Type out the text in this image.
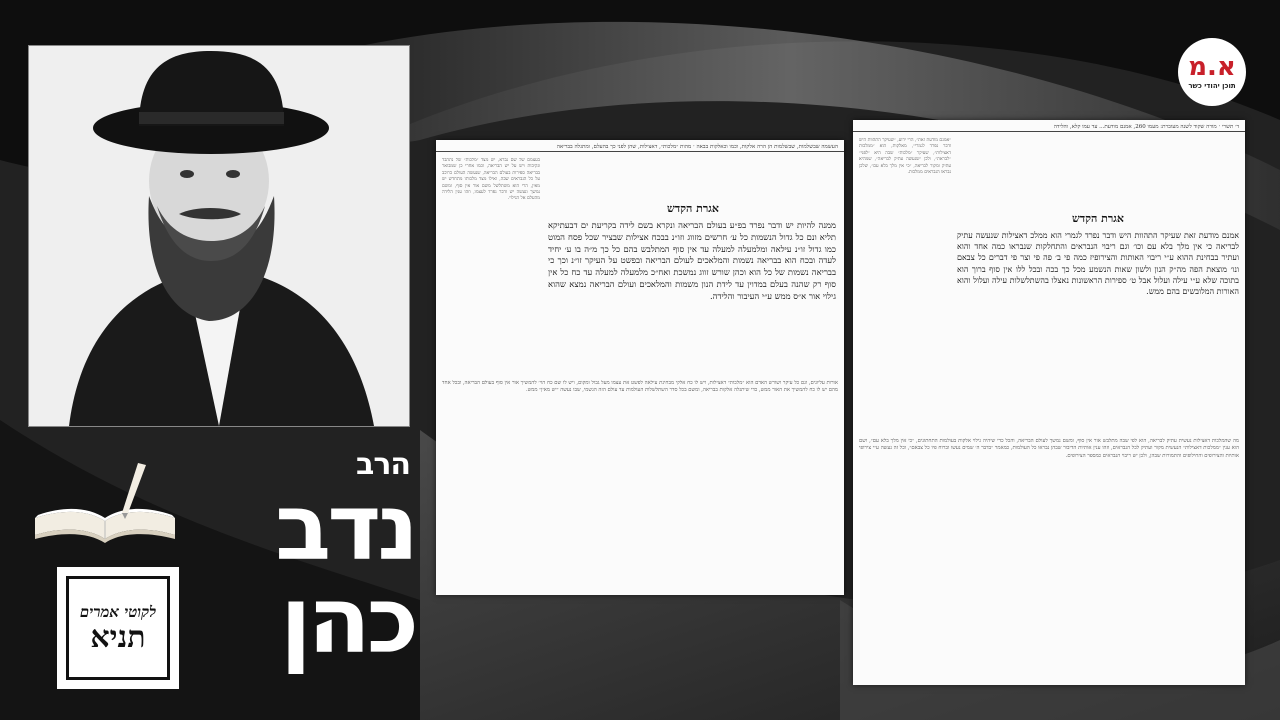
העשמה שבשלמות, שבשלמות הן הרה אלקות, וכמו וכאלקות בבאה · מהות ״מלכות״, דאצילות, שהן לפני כך בהעלם, ומתגלה בבריאה
בעצמם של שם נברא, יש מצד ״מלכות״ של נתהבד ונקיבות ויש על יש הבריאה, וכמו אחרי כן שמבואר בבריאה ספירות בעולם הבריאה, שנעשה העולם כרוכב על כל הנבראים שבה, ואילו מצד מלכותו מתחדש יש מאין, הרי הוא משתלשל משם אור אין סוף, ומשם נמשך ונעשה יש ודבר נפרד לעצמו, וזהו ענין הלידה מהעלם אל הגילוי.
אגרת הקדש
ממנה להיות יש ודבר נפרד בפ״ע בעולם הבריאה ונקרא בשם לידה בקריעת ים דבעתיקא תליא ונם כל גדול הנשמות כל ע׳ חרשים מזווג וזו״נ בבכח אצילות שבציר שכל פסח המוט כמו גדול זו״נ עילאה ומלמעלה למעלה עד אין סוף המתלבש בהם כל כך מ״ה בו ע׳ יחיד לעדה ובכח הוא בבריאה נשמות והמלאכים לעולם הבריאה ובפשט על העיקר זו״נ וכך כי בבריאה נשמות של כל הוא וכהן שורש זווג נמשכת ואח״כ מלמעלה למעלה עד כח כל אין סוף רק שהנה בעלם במדוין עד לידת הנון משמות והמלאכים ועולם הבריאה נמצא שהוא גילוי אור א״ס ממש ע״י העיבור והלידה.
אורות עליונים, וגם כל עיקר ושורש האדם הוא ״מלכות״ דאצילות, ויש לו כח אלקי מבחינת עילאה לפשט את עצמו מעל גבול ומקום, ויש לו שם כח הוי׳ להמשיך אור אין סוף בעולם הבריאה, ובכל אחד מהם יש לו כח להמשיך את האור ממש, כדי שיתגלה אלקות בבריאה, ומשם בכל סדר השתלשלות העולמות עד עולם הזה הגשמי, שבו נעשה ״יש מאין״ ממש.
ד׳ תשרי · מורה שקוד לשנה מעוברת: מעמו 260, אמנם מודעת... עד עמו קלא, והלידה
״אמנם מודעת זאת״, הרי ידוע, ״שעיקר התהוות היש ודבר נפרד לגמרי״, מאלקות, הוא ״ממלכות דאצילות״, שעיקר ״מלכות״ שבה היא ״לפני״ ״לבראת״, ולכן ״שנעשה עתיק לבריאה״, שמהיא עתיק ומקור לבריאה, ״כי אין מלך בלא עם״, שלכן נבראו הנבראים ממלכות.
אגרת הקדש
אמנם מודעת זאת שעיקר התהוות היש ודבר נפרד לגמרי הוא ממלכ דאצילות שנעשה עתיק לבריאה כי אין מלך בלא עם וכו׳ וגם ריבוי הנבראים והתחלקות שנבראו כמה אחד והוא ועתיר בבחינת ההוא ע״י ריבוי האותות והצירופיז כמה פי ב׳ פה פי וצר פי דברים כל צבאם ונו׳ מוצאת הפה מה״ק הנון ולשון שאות הנשמע מכל כך בכה ובכל ללו אין סוף ברוך הוא בתוכה שלא ע״י עילה ועלול אבל ט׳ ספירות הראשונות נאצלו בהשתלשלות עילה ועלול והוא האורות המלובשים בהם ממש.
מה שהמלכות דאצילות נעשית עתיק לבריאה, הוא לפי שבה מתלבש אור אין סוף, ומשם נמשך לעולם הבריאה, והכל כדי שיהיה גילוי אלקות בעולמות התחתונים, ״כי אין מלך בלא עם״, ושם הוא ענין ״ממלכות דאצילות״ הנעשית מקור ועתיק לכל הנבראים, וזהו ענין אותיות הדיבור שבהן נבראו כל העולמות, כמאמר ״בדבר ה׳ שמים נעשו וברוח פיו כל צבאם״, וכל זה נעשה ע״י צירופי אותיות והצירופים והחילופים והתמורות שבהן, ולכן יש ריבוי הנבראים כמספר הצירופים.
א.מ
תוכן יהודי כשר
לקוטי אמרים
תניא
הרב
נדב
כהן
